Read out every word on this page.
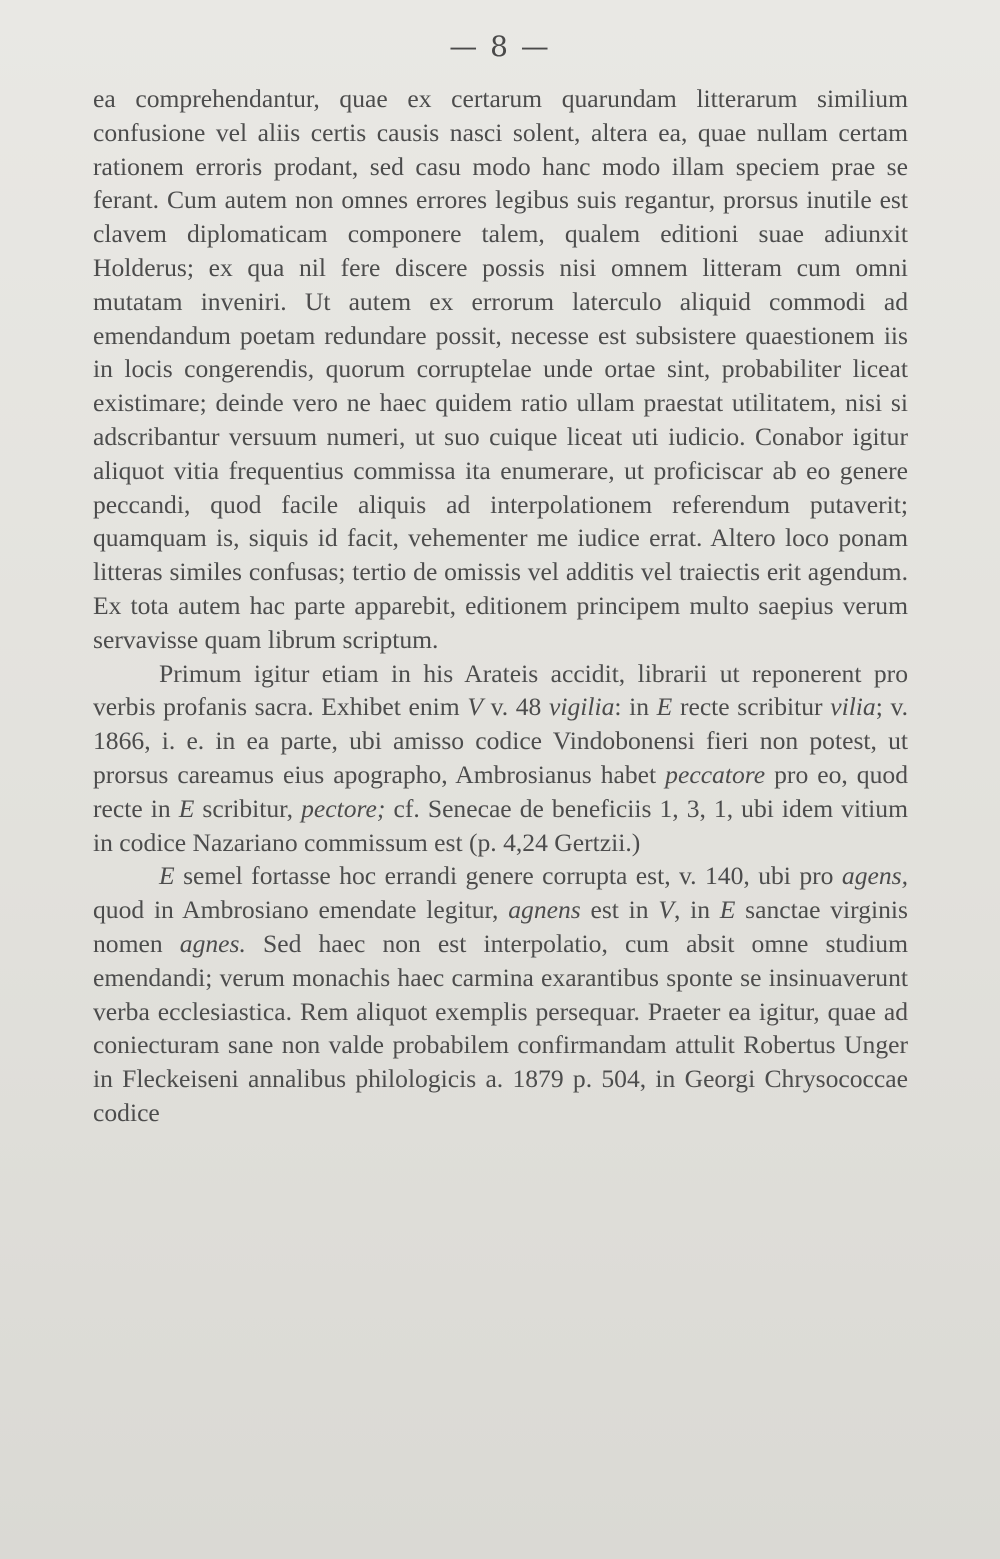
— 8 —

ea comprehendantur, quae ex certarum quarundam litterarum similium confusione vel aliis certis causis nasci solent, altera ea, quae nullam certam rationem erroris prodant, sed casu modo hanc modo illam speciem prae se ferant. Cum autem non omnes errores legibus suis regantur, prorsus inutile est clavem diplomaticam componere talem, qualem editioni suae adiunxit Holderus; ex qua nil fere discere possis nisi omnem litteram cum omni mutatam inveniri. Ut autem ex errorum laterculo aliquid commodi ad emendandum poetam redundare possit, necesse est subsistere quaestionem iis in locis congerendis, quorum corruptelae unde ortae sint, probabiliter liceat existimare; deinde vero ne haec quidem ratio ullam praestat utilitatem, nisi si adscribantur versuum numeri, ut suo cuique liceat uti iudicio. Conabor igitur aliquot vitia frequentius commissa ita enumerare, ut proficiscar ab eo genere peccandi, quod facile aliquis ad interpolationem referendum putaverit; quamquam is, siquis id facit, vehementer me iudice errat. Altero loco ponam litteras similes confusas; tertio de omissis vel additis vel traiectis erit agendum. Ex tota autem hac parte apparebit, editionem principem multo saepius verum servavisse quam librum scriptum.

Primum igitur etiam in his Arateis accidit, librarii ut reponerent pro verbis profanis sacra. Exhibet enim V v. 48 vigilia: in E recte scribitur vilia; v. 1866, i. e. in ea parte, ubi amisso codice Vindobonensi fieri non potest, ut prorsus careamus eius apographo, Ambrosianus habet peccatore pro eo, quod recte in E scribitur, pectore; cf. Senecae de beneficiis 1, 3, 1, ubi idem vitium in codice Nazariano commissum est (p. 4,24 Gertzii.)

E semel fortasse hoc errandi genere corrupta est, v. 140, ubi pro agens, quod in Ambrosiano emendate legitur, agnens est in V, in E sanctae virginis nomen agnes. Sed haec non est interpolatio, cum absit omne studium emendandi; verum monachis haec carmina exarantibus sponte se insinuaverunt verba ecclesiastica. Rem aliquot exemplis persequar. Praeter ea igitur, quae ad coniecturam sane non valde probabilem confirmandam attulit Robertus Unger in Fleckeiseni annalibus philologicis a. 1879 p. 504, in Georgi Chrysococcae codice
